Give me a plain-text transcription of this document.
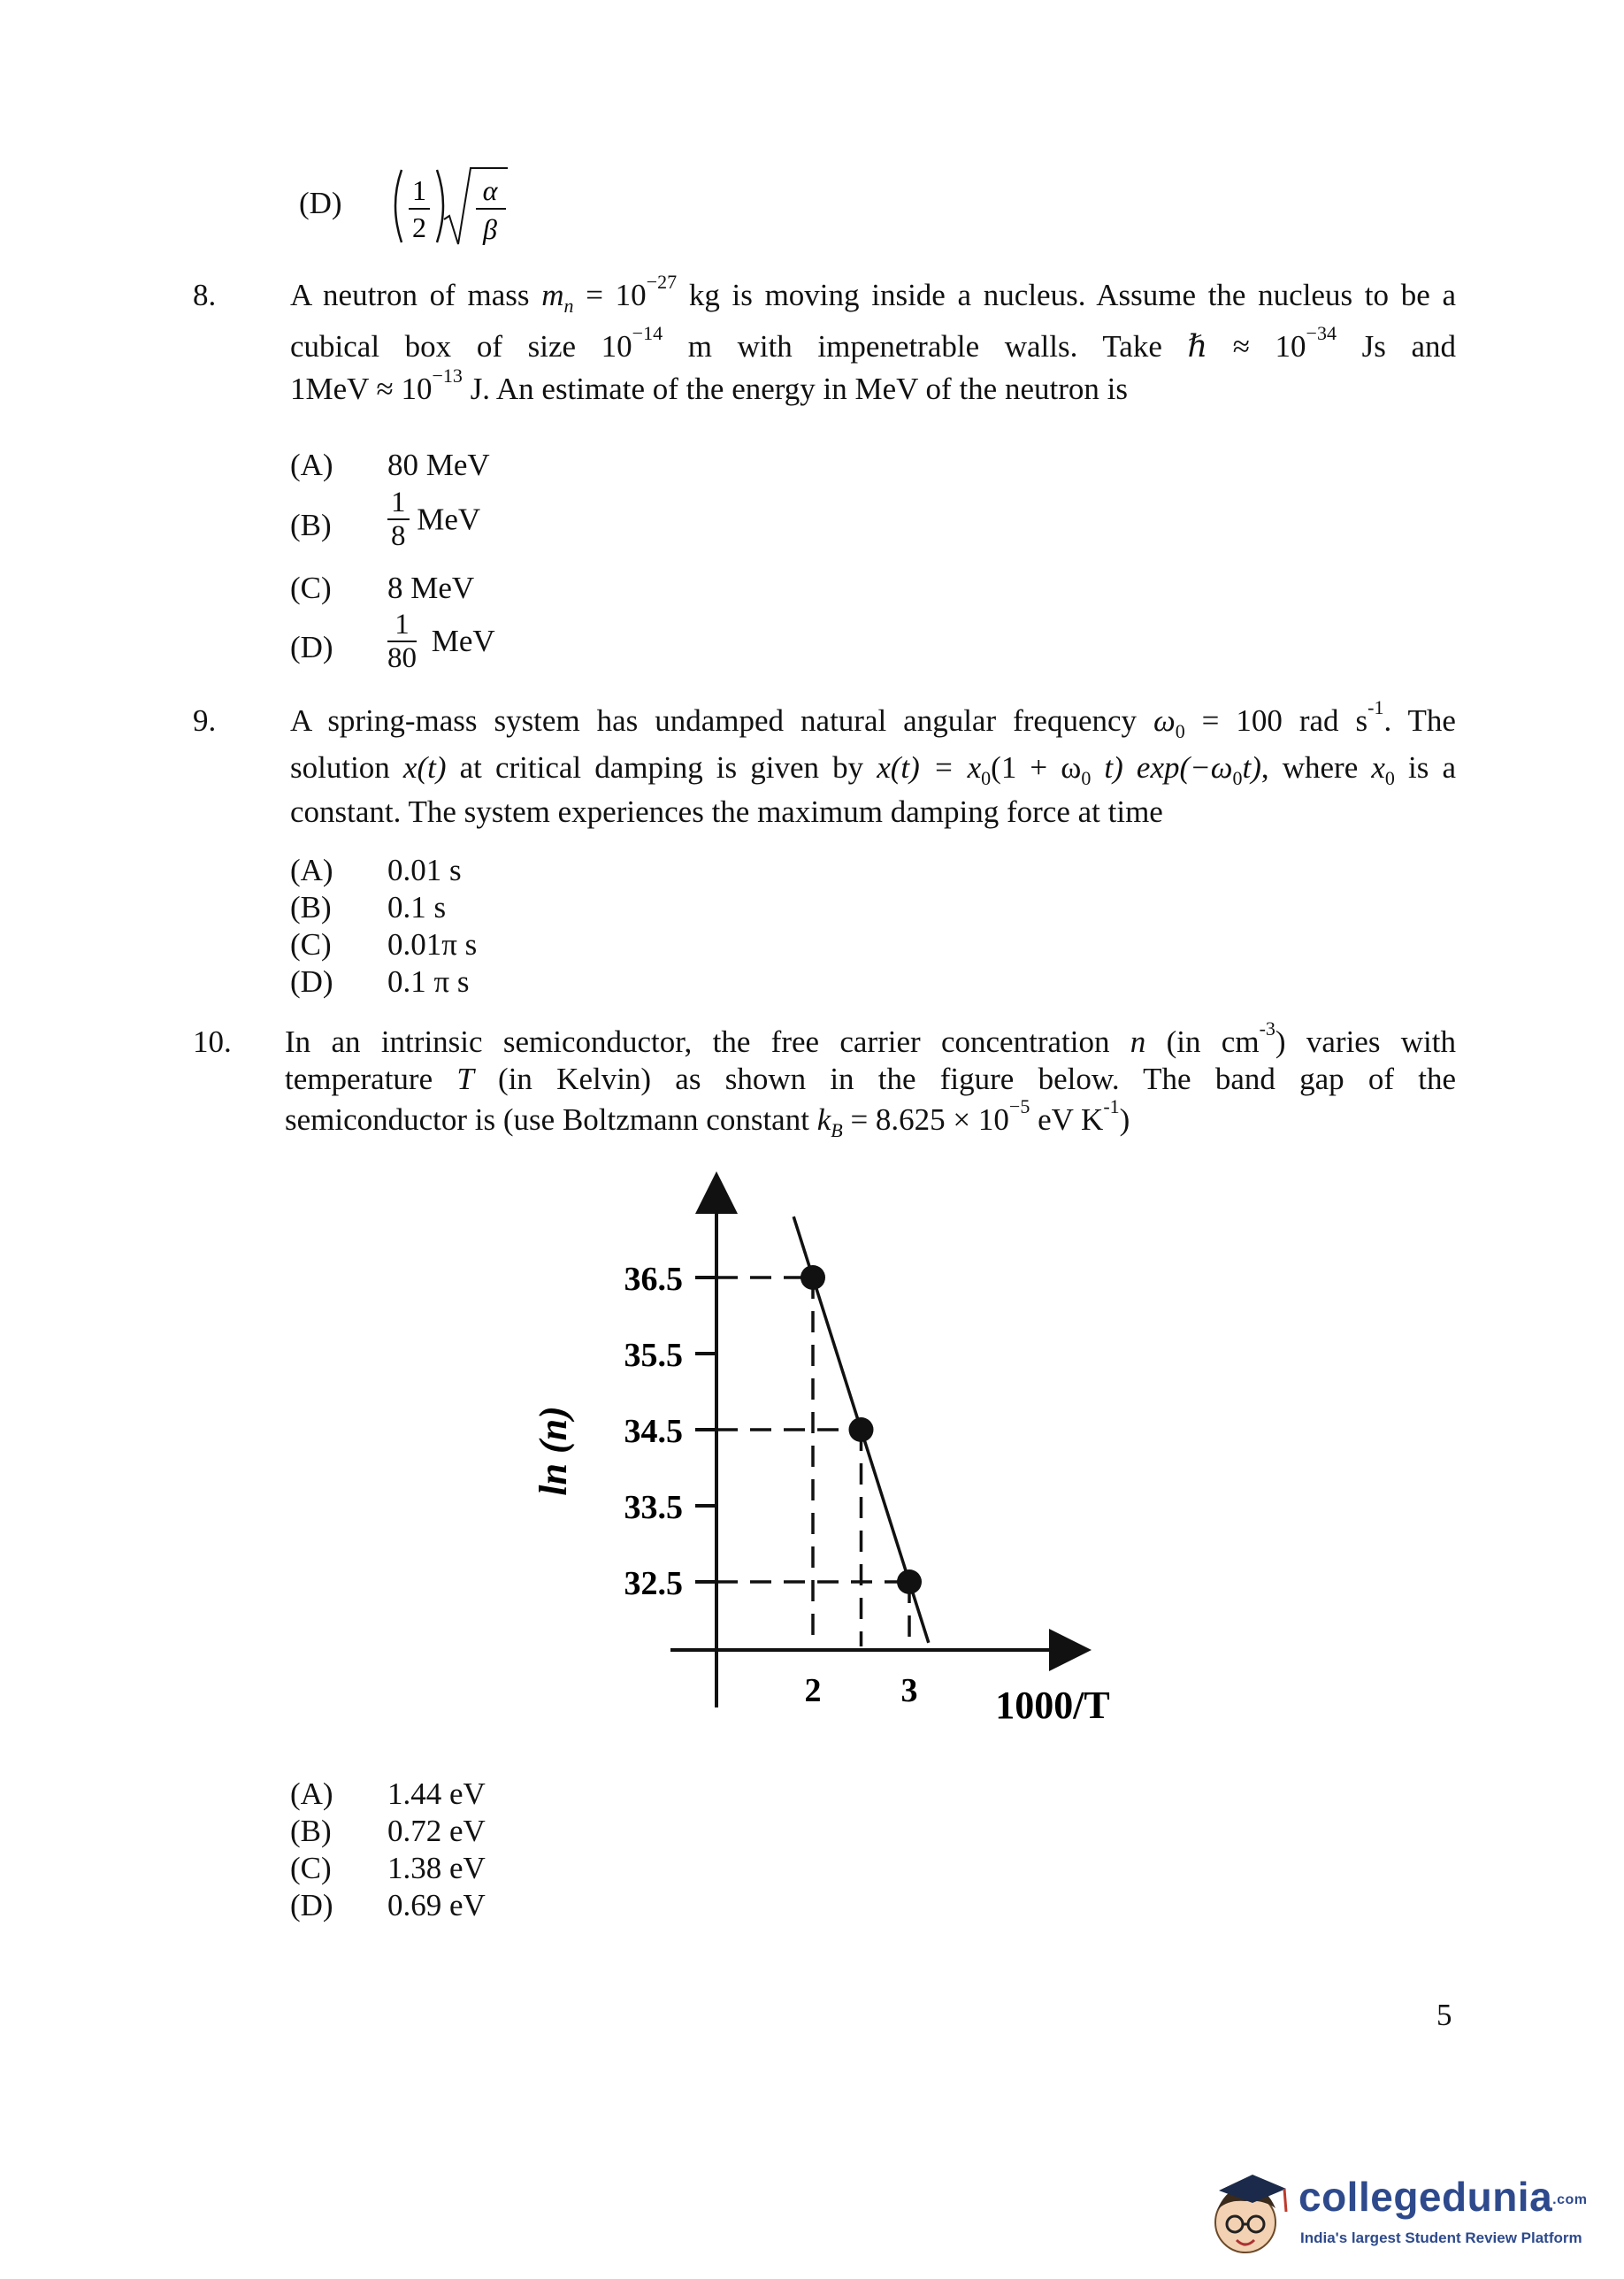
(D) 1
2
α
β
8. A neutron of mass $m_n = 10^{-27}$ kg is moving inside a nucleus. Assume the nucleus to be a
cubical box of size $10^{-14}$ m with impenetrable walls. Take ℏ ≈ $10^{-34}$ Js and
$1MeV \approx 10^{-13}$ J. An estimate of the energy in MeV of the neutron is
(A) 80 MeV
$(B) \frac{1}{8}$ MeV
(C) 8 MeV
$(D) \frac{1}{80}$ MeV
9. A spring-mass system has undamped natural angular frequency $\omega_0 = 100$ rad $s^{-1}$. The
solution x(t) at critical damping is given by $x(t) = x_0(1 + \omega_0$ t) $\exp(-\omega_0t)$, where $x_0$ is a
constant. The system experiences the maximum damping force at time
(A) 0.01 s
(B) 0.1 s
(C) 0.01π s
(D) 0.1 π s
10. In an intrinsic semiconductor, the free carrier concentration n (in $cm^{-3}$) varies with
temperature T (in Kelvin) as shown in the figure below. The band gap of the
semiconductor is (use Boltzmann constant $k_B = 8.625 \times 10^{-5}$ eV $K^{-1}$)
36.5
35.5
34.5
33.5
32.5
2 3
ln (n)
1000/T
(A) 1.44 eV
(B) 0.72 eV
(C) 1.38 eV
(D) 0.69 eV
5
collegedunia.com
India's largest Student Review Platform
